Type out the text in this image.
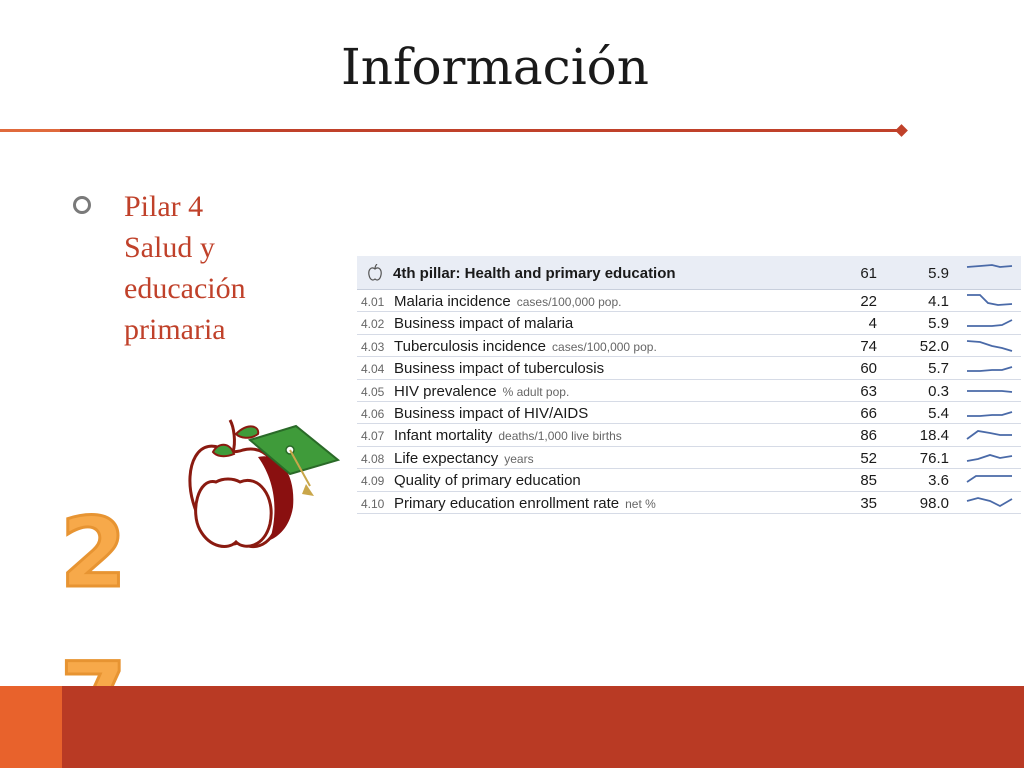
Información
Pilar 4
Salud y
educación
primaria
2
4th pillar: Health and primary education	61	5.9
4.01 Malaria incidence cases/100,000 pop.	22	4.1
4.02 Business impact of malaria	4	5.9
4.03 Tuberculosis incidence cases/100,000 pop.	74	52.0
4.04 Business impact of tuberculosis	60	5.7
4.05 HIV prevalence % adult pop.	63	0.3
4.06 Business impact of HIV/AIDS	66	5.4
4.07 Infant mortality deaths/1,000 live births	86	18.4
4.08 Life expectancy years	52	76.1
4.09 Quality of primary education	85	3.6
4.10 Primary education enrollment rate net %	35	98.0
